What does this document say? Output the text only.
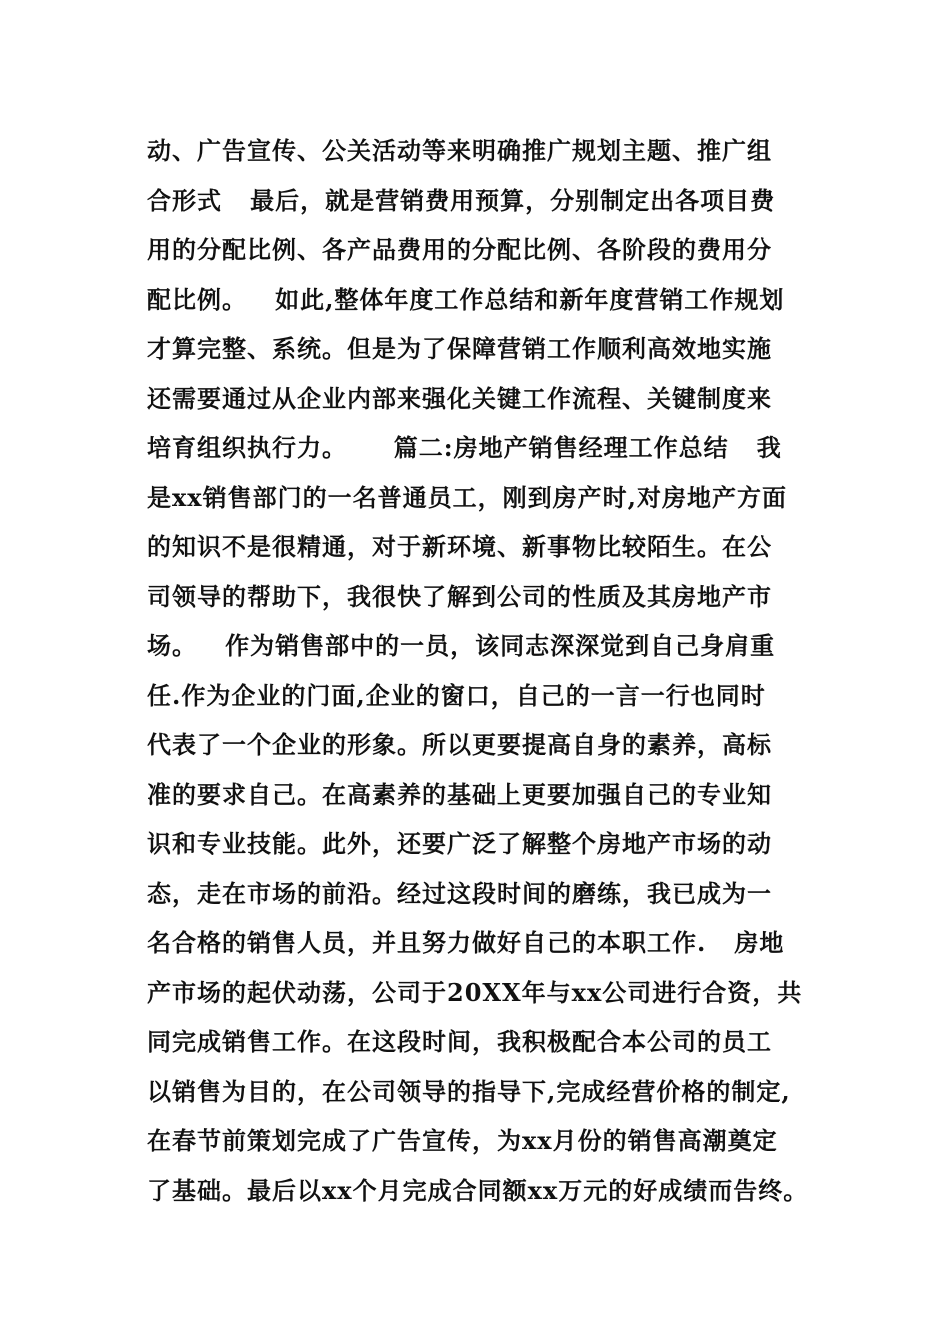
动、广告宣传、公关活动等来明确推广规划主题、推广组
合形式   最后，就是营销费用预算，分别制定出各项目费
用的分配比例、各产品费用的分配比例、各阶段的费用分
配比例。   如此,整体年度工作总结和新年度营销工作规划
才算完整、系统。但是为了保障营销工作顺利高效地实施
还需要通过从企业内部来强化关键工作流程、关键制度来
培育组织执行力。     篇二:房地产销售经理工作总结   我
是xx销售部门的一名普通员工，刚到房产时,对房地产方面
的知识不是很精通，对于新环境、新事物比较陌生。在公
司领导的帮助下，我很快了解到公司的性质及其房地产市
场。   作为销售部中的一员，该同志深深觉到自己身肩重
任.作为企业的门面,企业的窗口，自己的一言一行也同时
代表了一个企业的形象。所以更要提高自身的素养，高标
准的要求自己。在高素养的基础上更要加强自己的专业知
识和专业技能。此外，还要广泛了解整个房地产市场的动
态，走在市场的前沿。经过这段时间的磨练，我已成为一
名合格的销售人员，并且努力做好自己的本职工作.   房地
产市场的起伏动荡，公司于20XX年与xx公司进行合资，共
同完成销售工作。在这段时间，我积极配合本公司的员工
以销售为目的，在公司领导的指导下,完成经营价格的制定,
在春节前策划完成了广告宣传，为xx月份的销售高潮奠定
了基础。最后以xx个月完成合同额xx万元的好成绩而告终。
